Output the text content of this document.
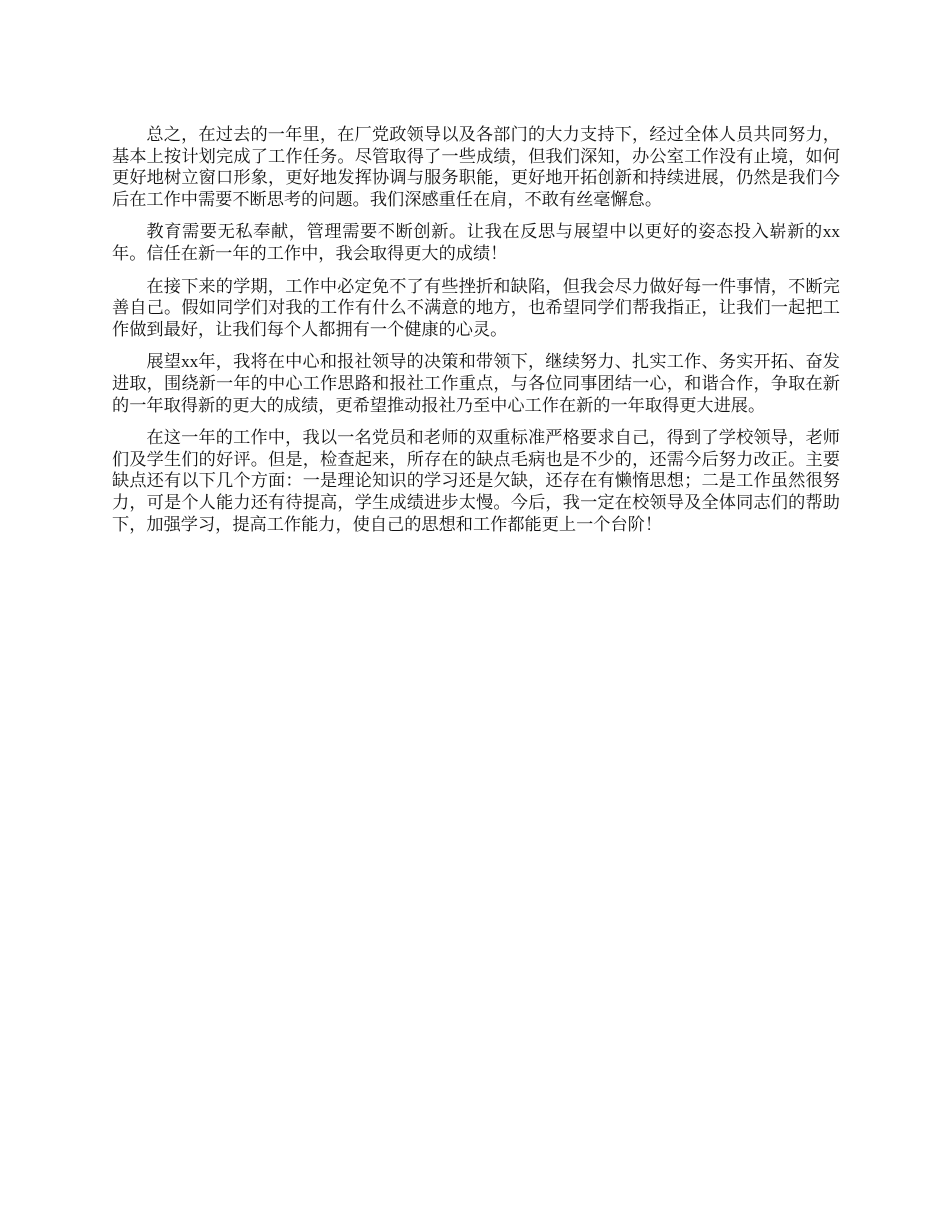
总之，在过去的一年里，在厂党政领导以及各部门的大力支持下，经过全体人员共同努力，基本上按计划完成了工作任务。尽管取得了一些成绩，但我们深知，办公室工作没有止境，如何更好地树立窗口形象，更好地发挥协调与服务职能，更好地开拓创新和持续进展，仍然是我们今后在工作中需要不断思考的问题。我们深感重任在肩，不敢有丝毫懈怠。

教育需要无私奉献，管理需要不断创新。让我在反思与展望中以更好的姿态投入崭新的xx年。信任在新一年的工作中，我会取得更大的成绩！

在接下来的学期，工作中必定免不了有些挫折和缺陷，但我会尽力做好每一件事情，不断完善自己。假如同学们对我的工作有什么不满意的地方，也希望同学们帮我指正，让我们一起把工作做到最好，让我们每个人都拥有一个健康的心灵。

展望xx年，我将在中心和报社领导的决策和带领下，继续努力、扎实工作、务实开拓、奋发进取，围绕新一年的中心工作思路和报社工作重点，与各位同事团结一心，和谐合作，争取在新的一年取得新的更大的成绩，更希望推动报社乃至中心工作在新的一年取得更大进展。

在这一年的工作中，我以一名党员和老师的双重标准严格要求自己，得到了学校领导，老师们及学生们的好评。但是，检查起来，所存在的缺点毛病也是不少的，还需今后努力改正。主要缺点还有以下几个方面：一是理论知识的学习还是欠缺，还存在有懒惰思想；二是工作虽然很努力，可是个人能力还有待提高，学生成绩进步太慢。今后，我一定在校领导及全体同志们的帮助下，加强学习，提高工作能力，使自己的思想和工作都能更上一个台阶！
